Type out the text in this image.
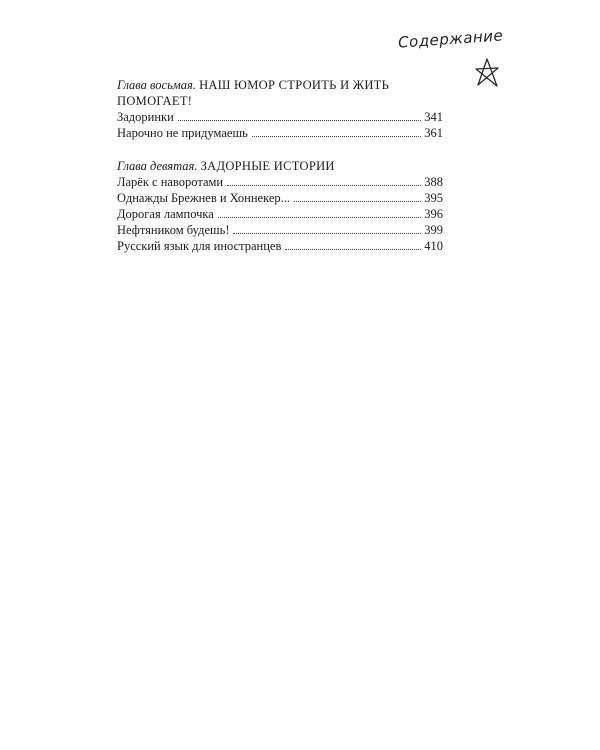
Содержание

Глава восьмая. НАШ ЮМОР СТРОИТЬ И ЖИТЬ ПОМОГАЕТ!

Задоринки	341
Нарочно не придумаешь	361

Глава девятая. ЗАДОРНЫЕ ИСТОРИИ

Ларёк с наворотами	388
Однажды Брежнев и Хоннекер...	395
Дорогая лампочка	396
Нефтяником будешь!	399
Русский язык для иностранцев	410
